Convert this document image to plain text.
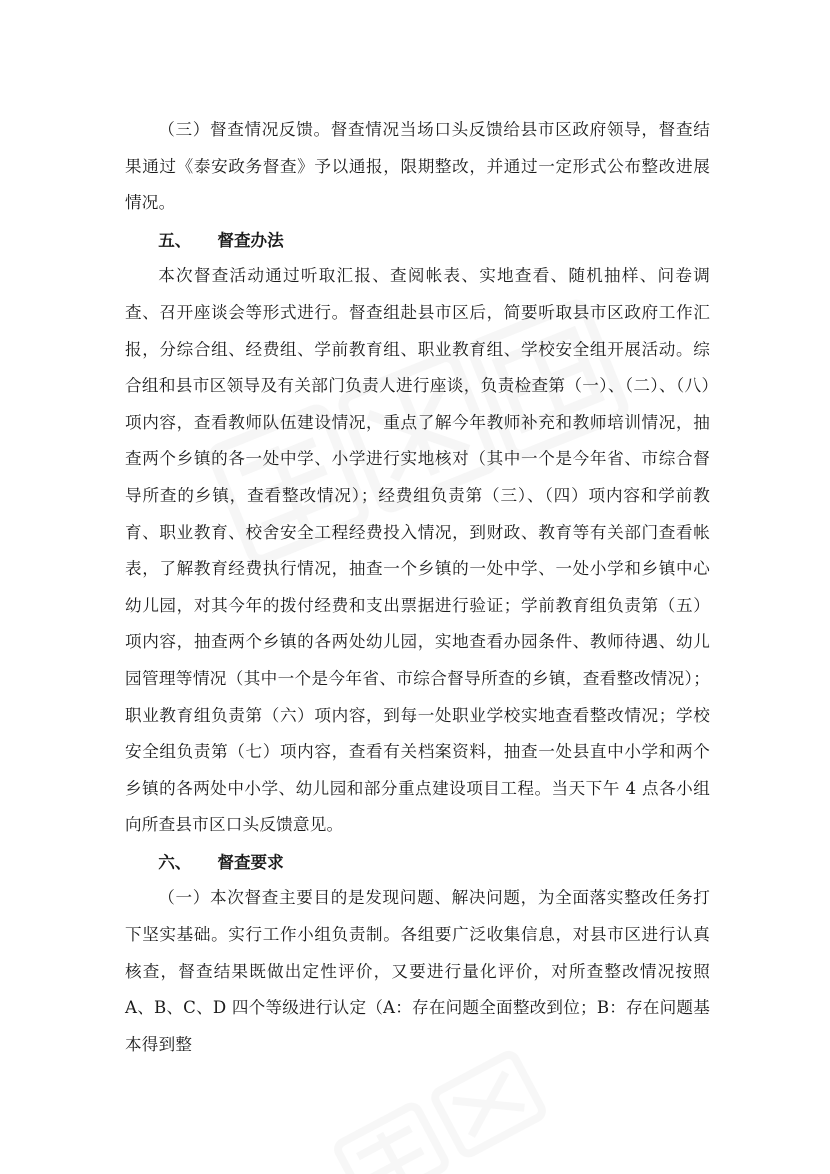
（三）督查情况反馈。督查情况当场口头反馈给县市区政府领导，督查结果通过《泰安政务督查》予以通报，限期整改，并通过一定形式公布整改进展情况。

五、 督查办法

本次督查活动通过听取汇报、查阅帐表、实地查看、随机抽样、问卷调查、召开座谈会等形式进行。督查组赴县市区后，简要听取县市区政府工作汇报，分综合组、经费组、学前教育组、职业教育组、学校安全组开展活动。综合组和县市区领导及有关部门负责人进行座谈，负责检查第（一）、（二）、（八）项内容，查看教师队伍建设情况，重点了解今年教师补充和教师培训情况，抽查两个乡镇的各一处中学、小学进行实地核对（其中一个是今年省、市综合督导所查的乡镇，查看整改情况）；经费组负责第（三）、（四）项内容和学前教育、职业教育、校舍安全工程经费投入情况，到财政、教育等有关部门查看帐表，了解教育经费执行情况，抽查一个乡镇的一处中学、一处小学和乡镇中心幼儿园，对其今年的拨付经费和支出票据进行验证；学前教育组负责第（五）项内容，抽查两个乡镇的各两处幼儿园，实地查看办园条件、教师待遇、幼儿园管理等情况（其中一个是今年省、市综合督导所查的乡镇，查看整改情况）；职业教育组负责第（六）项内容，到每一处职业学校实地查看整改情况；学校安全组负责第（七）项内容，查看有关档案资料，抽查一处县直中小学和两个乡镇的各两处中小学、幼儿园和部分重点建设项目工程。当天下午 4 点各小组向所查县市区口头反馈意见。

六、 督查要求

（一）本次督查主要目的是发现问题、解决问题，为全面落实整改任务打下坚实基础。实行工作小组负责制。各组要广泛收集信息，对县市区进行认真核查，督查结果既做出定性评价，又要进行量化评价，对所查整改情况按照 A、B、C、D 四个等级进行认定（A：存在问题全面整改到位；B：存在问题基本得到整
